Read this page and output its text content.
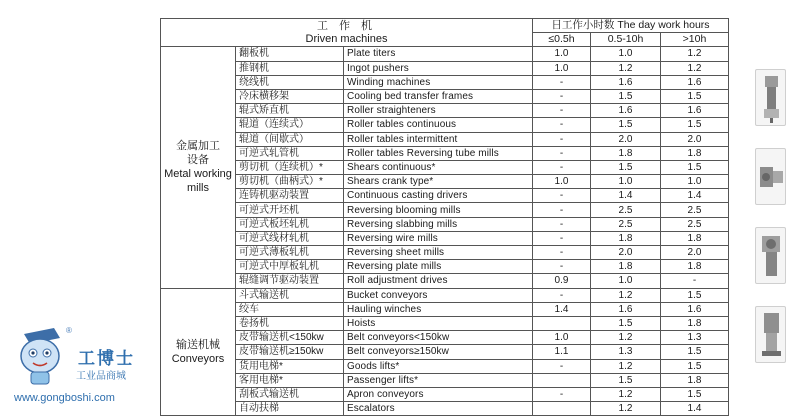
工 作 机
Driven machines			日工作小时数 The day work hours		
			≤0.5h	0.5-10h	>10h

金属加工
设备
Metal working
mills	翻板机	Plate titers	1.0	1.0	1.2
	推钢机	Ingot pushers	1.0	1.2	1.2
	绕线机	Winding machines	-	1.6	1.6
	冷床横移架	Cooling bed transfer frames	-	1.5	1.5
	辊式矫直机	Roller straighteners	-	1.6	1.6
	辊道（连续式）	Roller tables continuous	-	1.5	1.5
	辊道（间歇式）	Roller tables intermittent	-	2.0	2.0
	可逆式轧管机	Roller tables Reversing tube mills	-	1.8	1.8
	剪切机（连续机）*	Shears continuous*	-	1.5	1.5
	剪切机（曲柄式）*	Shears crank type*	1.0	1.0	1.0
	连铸机驱动装置	Continuous casting drivers	-	1.4	1.4
	可逆式开坯机	Reversing blooming mills	-	2.5	2.5
	可逆式板坯轧机	Reversing slabbing mills	-	2.5	2.5
	可逆式线材轧机	Reversing wire mills	-	1.8	1.8
	可逆式薄板轧机	Reversing sheet mills	-	2.0	2.0
	可逆式中厚板轧机	Reversing plate mills	-	1.8	1.8
	辊缝调节驱动装置	Roll adjustment drives	0.9	1.0	-

输送机械
Conveyors	斗式输送机	Bucket conveyors	-	1.2	1.5
	绞车	Hauling winches	1.4	1.6	1.6
	卷扬机	Hoists		1.5	1.8
	皮带输送机<150kw	Belt conveyors<150kw	1.0	1.2	1.3
	皮带输送机≥150kw	Belt conveyors≥150kw	1.1	1.3	1.5
	货用电梯*	Goods lifts*	-	1.2	1.5
	客用电梯*	Passenger lifts*		1.5	1.8
	刮板式输送机	Apron conveyors	-	1.2	1.5
	自动扶梯	Escalators		1.2	1.4
®
工博士
工业品商城
www.gongboshi.com
